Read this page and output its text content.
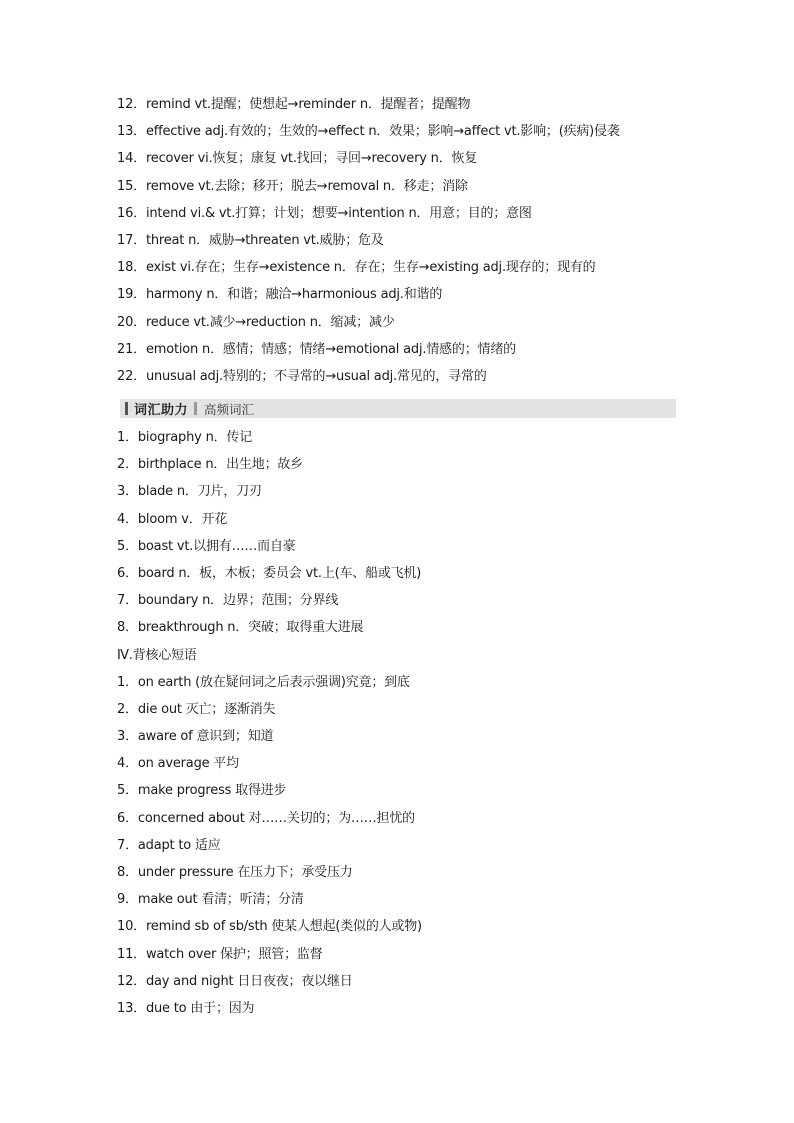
12．remind vt.提醒；使想起→reminder n．提醒者；提醒物
13．effective adj.有效的；生效的→effect n．效果；影响→affect vt.影响；(疾病)侵袭
14．recover vi.恢复；康复 vt.找回；寻回→recovery n．恢复
15．remove vt.去除；移开；脱去→removal n．移走；消除
16．intend vi.& vt.打算；计划；想要→intention n．用意；目的；意图
17．threat n．威胁→threaten vt.威胁；危及
18．exist vi.存在；生存→existence n．存在；生存→existing adj.现存的；现有的
19．harmony n．和谐；融洽→harmonious adj.和谐的
20．reduce vt.减少→reduction n．缩减；减少
21．emotion n．感情；情感；情绪→emotional adj.情感的；情绪的
22．unusual adj.特别的；不寻常的→usual adj.常见的，寻常的
词汇助力 高频词汇
1．biography n．传记
2．birthplace n．出生地；故乡
3．blade n．刀片，刀刃
4．bloom v．开花
5．boast vt.以拥有……而自豪
6．board n．板，木板；委员会 vt.上(车、船或飞机)
7．boundary n．边界；范围；分界线
8．breakthrough n．突破；取得重大进展
Ⅳ.背核心短语
1．on earth (放在疑问词之后表示强调)究竟；到底
2．die out 灭亡；逐渐消失
3．aware of 意识到；知道
4．on average 平均
5．make progress 取得进步
6．concerned about 对……关切的；为……担忧的
7．adapt to 适应
8．under pressure 在压力下；承受压力
9．make out 看清；听清；分清
10．remind sb of sb/sth 使某人想起(类似的人或物)
11．watch over 保护；照管；监督
12．day and night 日日夜夜；夜以继日
13．due to 由于；因为
